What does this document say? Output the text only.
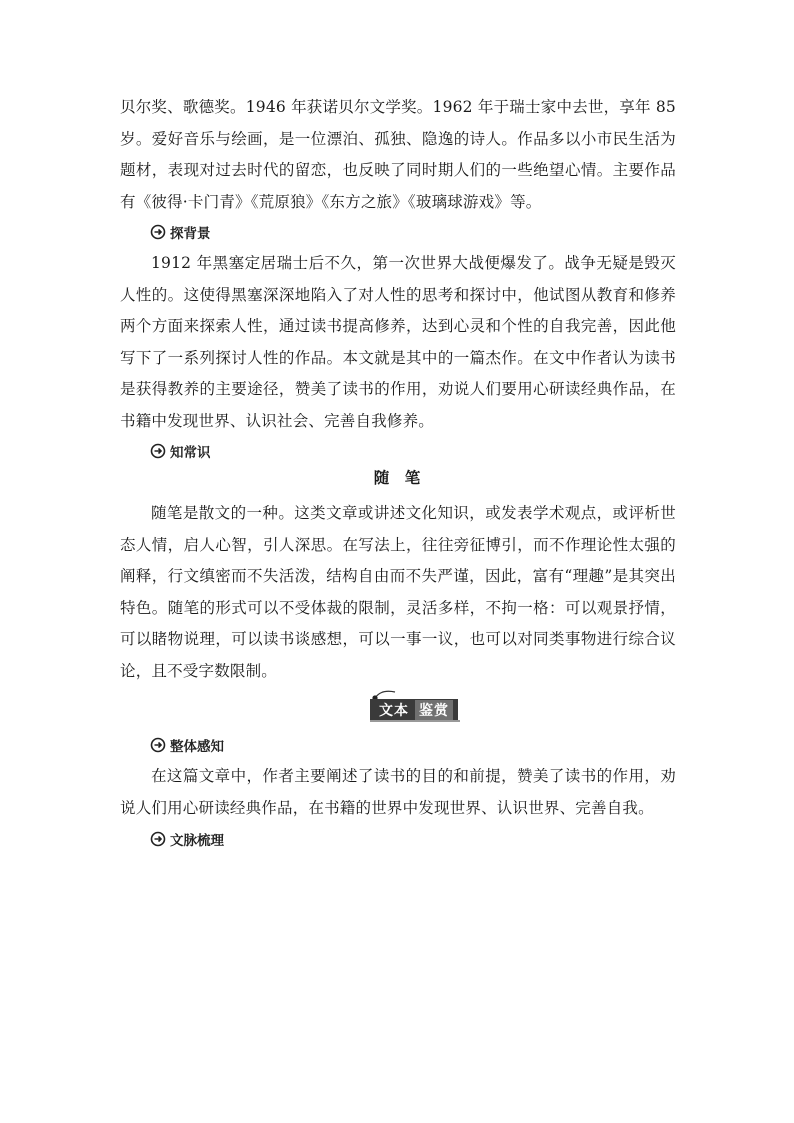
贝尔奖、歌德奖。1946 年获诺贝尔文学奖。1962 年于瑞士家中去世，享年 85 岁。爱好音乐与绘画，是一位漂泊、孤独、隐逸的诗人。作品多以小市民生活为题材，表现对过去时代的留恋，也反映了同时期人们的一些绝望心情。主要作品有《彼得·卡门青》《荒原狼》《东方之旅》《玻璃球游戏》等。

探背景

1912 年黑塞定居瑞士后不久，第一次世界大战便爆发了。战争无疑是毁灭人性的。这使得黑塞深深地陷入了对人性的思考和探讨中，他试图从教育和修养两个方面来探索人性，通过读书提高修养，达到心灵和个性的自我完善，因此他写下了一系列探讨人性的作品。本文就是其中的一篇杰作。在文中作者认为读书是获得教养的主要途径，赞美了读书的作用，劝说人们要用心研读经典作品，在书籍中发现世界、认识社会、完善自我修养。

知常识
随　笔

随笔是散文的一种。这类文章或讲述文化知识，或发表学术观点，或评析世态人情，启人心智，引人深思。在写法上，往往旁征博引，而不作理论性太强的阐释，行文缜密而不失活泼，结构自由而不失严谨，因此，富有“理趣”是其突出特色。随笔的形式可以不受体裁的限制，灵活多样，不拘一格：可以观景抒情，可以睹物说理，可以读书谈感想，可以一事一议，也可以对同类事物进行综合议论，且不受字数限制。

文本 鉴赏
整体感知

在这篇文章中，作者主要阐述了读书的目的和前提，赞美了读书的作用，劝说人们用心研读经典作品，在书籍的世界中发现世界、认识世界、完善自我。

文脉梳理
